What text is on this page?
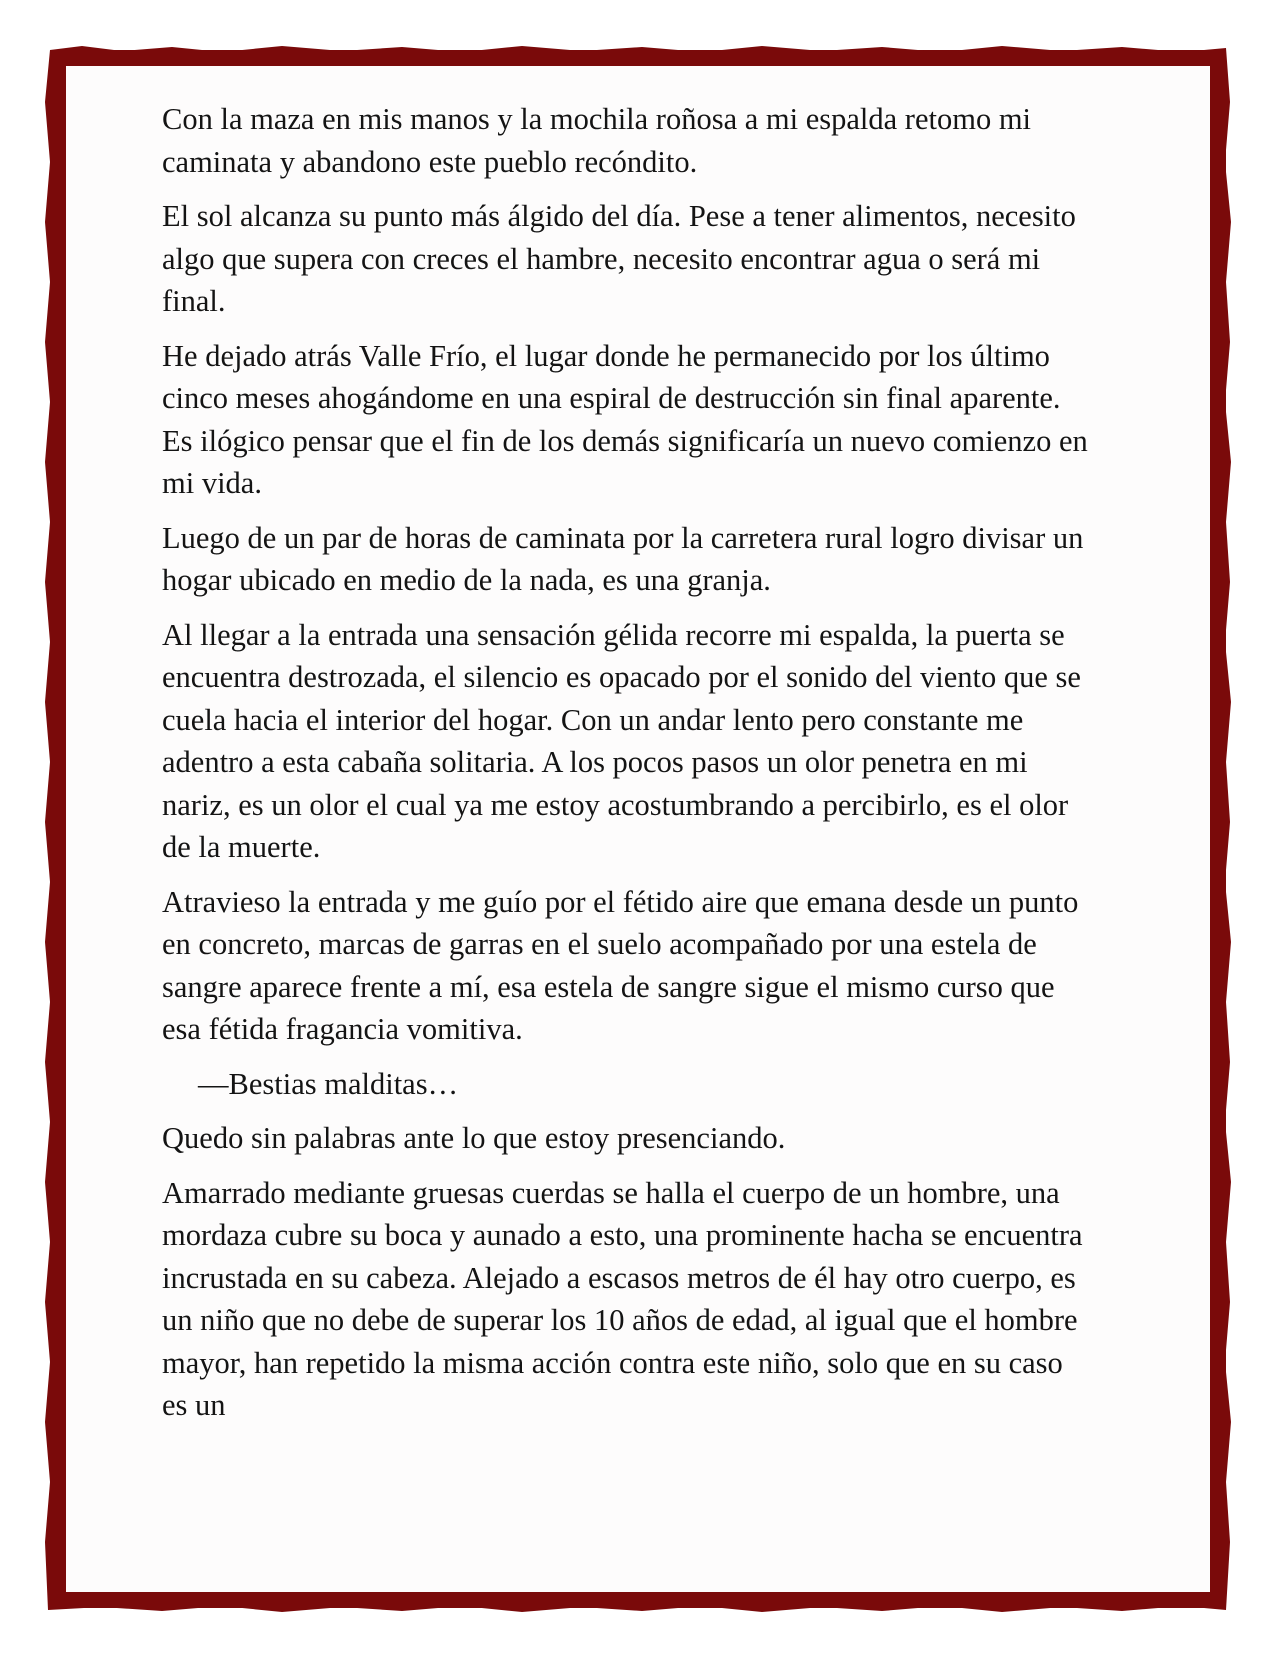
Con la maza en mis manos y la mochila roñosa a mi espalda retomo mi caminata y abandono este pueblo recóndito.

El sol alcanza su punto más álgido del día. Pese a tener alimentos, necesito algo que supera con creces el hambre, necesito encontrar agua o será mi final.

He dejado atrás Valle Frío, el lugar donde he permanecido por los último cinco meses ahogándome en una espiral de destrucción sin final aparente. Es ilógico pensar que el fin de los demás significaría un nuevo comienzo en mi vida.

Luego de un par de horas de caminata por la carretera rural logro divisar un hogar ubicado en medio de la nada, es una granja.

Al llegar a la entrada una sensación gélida recorre mi espalda, la puerta se encuentra destrozada, el silencio es opacado por el sonido del viento que se cuela hacia el interior del hogar. Con un andar lento pero constante me adentro a esta cabaña solitaria. A los pocos pasos un olor penetra en mi nariz, es un olor el cual ya me estoy acostumbrando a percibirlo, es el olor de la muerte.

Atravieso la entrada y me guío por el fétido aire que emana desde un punto en concreto, marcas de garras en el suelo acompañado por una estela de sangre aparece frente a mí, esa estela de sangre sigue el mismo curso que esa fétida fragancia vomitiva.

—Bestias malditas…

Quedo sin palabras ante lo que estoy presenciando.

Amarrado mediante gruesas cuerdas se halla el cuerpo de un hombre, una mordaza cubre su boca y aunado a esto, una prominente hacha se encuentra incrustada en su cabeza. Alejado a escasos metros de él hay otro cuerpo, es un niño que no debe de superar los 10 años de edad, al igual que el hombre mayor, han repetido la misma acción contra este niño, solo que en su caso es un
